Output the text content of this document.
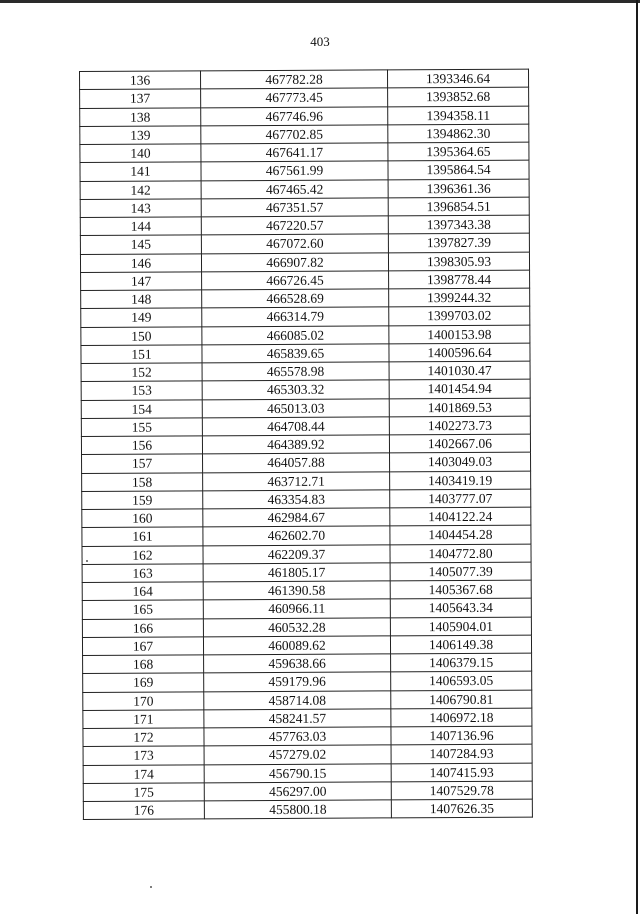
403
136	467782.28	1393346.64
137	467773.45	1393852.68
138	467746.96	1394358.11
139	467702.85	1394862.30
140	467641.17	1395364.65
141	467561.99	1395864.54
142	467465.42	1396361.36
143	467351.57	1396854.51
144	467220.57	1397343.38
145	467072.60	1397827.39
146	466907.82	1398305.93
147	466726.45	1398778.44
148	466528.69	1399244.32
149	466314.79	1399703.02
150	466085.02	1400153.98
151	465839.65	1400596.64
152	465578.98	1401030.47
153	465303.32	1401454.94
154	465013.03	1401869.53
155	464708.44	1402273.73
156	464389.92	1402667.06
157	464057.88	1403049.03
158	463712.71	1403419.19
159	463354.83	1403777.07
160	462984.67	1404122.24
161	462602.70	1404454.28
162	462209.37	1404772.80
163	461805.17	1405077.39
164	461390.58	1405367.68
165	460966.11	1405643.34
166	460532.28	1405904.01
167	460089.62	1406149.38
168	459638.66	1406379.15
169	459179.96	1406593.05
170	458714.08	1406790.81
171	458241.57	1406972.18
172	457763.03	1407136.96
173	457279.02	1407284.93
174	456790.15	1407415.93
175	456297.00	1407529.78
176	455800.18	1407626.35
